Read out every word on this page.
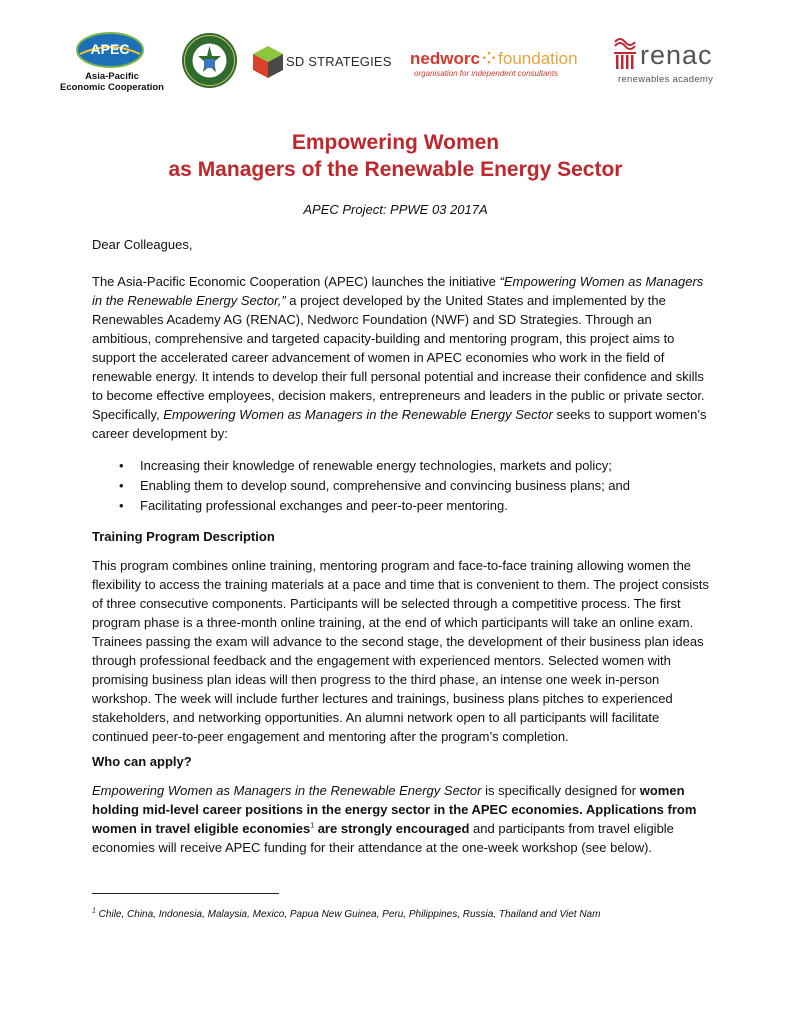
APEC
Asia-Pacific
Economic Cooperation
SD STRATEGIES nedworc ⁘ foundation
organisation for independent consultants
renac
renewables academy
Empowering Women
as Managers of the Renewable Energy Sector
APEC Project: PPWE 03 2017A
Dear Colleagues,
The Asia-Pacific Economic Cooperation (APEC) launches the initiative “Empowering Women as Managers in the Renewable Energy Sector,” a project developed by the United States and implemented by the Renewables Academy AG (RENAC), Nedworc Foundation (NWF) and SD Strategies. Through an ambitious, comprehensive and targeted capacity-building and mentoring program, this project aims to support the accelerated career advancement of women in APEC economies who work in the field of renewable energy. It intends to develop their full personal potential and increase their confidence and skills to become effective employees, decision makers, entrepreneurs and leaders in the public or private sector. Specifically, Empowering Women as Managers in the Renewable Energy Sector seeks to support women’s career development by:
• Increasing their knowledge of renewable energy technologies, markets and policy;
• Enabling them to develop sound, comprehensive and convincing business plans; and
• Facilitating professional exchanges and peer-to-peer mentoring.
Training Program Description
This program combines online training, mentoring program and face-to-face training allowing women the flexibility to access the training materials at a pace and time that is convenient to them. The project consists of three consecutive components. Participants will be selected through a competitive process. The first program phase is a three-month online training, at the end of which participants will take an online exam. Trainees passing the exam will advance to the second stage, the development of their business plan ideas through professional feedback and the engagement with experienced mentors. Selected women with promising business plan ideas will then progress to the third phase, an intense one week in-person workshop. The week will include further lectures and trainings, business plans pitches to experienced stakeholders, and networking opportunities. An alumni network open to all participants will facilitate continued peer-to-peer engagement and mentoring after the program’s completion.
Who can apply?
Empowering Women as Managers in the Renewable Energy Sector is specifically designed for women holding mid-level career positions in the energy sector in the APEC economies. Applications from women in travel eligible economies$^1$ are strongly encouraged and participants from travel eligible economies will receive APEC funding for their attendance at the one-week workshop (see below).
$^1$ Chile, China, Indonesia, Malaysia, Mexico, Papua New Guinea, Peru, Philippines, Russia, Thailand and Viet Nam
